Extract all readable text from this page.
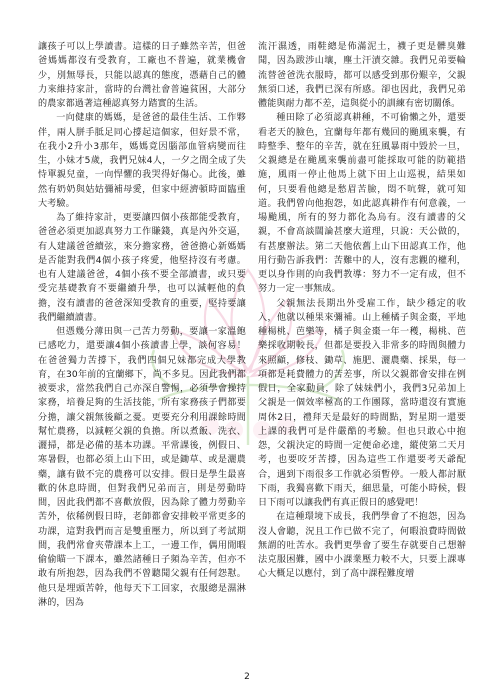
讓孩子可以上學讀書。這樣的日子雖然辛苦，但爸爸媽媽都沒有受教育，工廠也不普遍，就業機會少，別無辱長，只能以認真的態度，憑藉自己的體力來維持家計，當時的台灣社會普遍貧困，大部分的農家都過著這種認真努力踏實的生活。

一向健康的媽媽，是爸爸的最佳生活、工作夥伴，兩人胼手胝足同心撐起這個家，但好景不常，在我小2升小3那年，媽媽竟因腦部血管病變而往生，小妹才5歲，我們兄妹4人，一夕之間全成了失恃單親兒童，一向悍懼的我哭得好傷心。此後，雖然有奶奶與姑姑彌補母愛，但家中經濟頓時面臨重大考驗。

為了維持家計，更要讓四個小孩都能受教育，爸爸必須更加認真努力工作賺錢，真是內外交逼，有人建議爸爸續弦，來分擔家務，爸爸擔心新媽媽是否能對我們4個小孩子疼愛，他堅持沒有考慮。也有人建議爸爸，4個小孩不要全部讀書，或只要受完基礎教育不要繼續升學，也可以減輕他的負擔，沒有讀書的爸爸深知受教育的重要，堅持要讓我們繼續讀書。

但憑幾分薄田與一己苦力勞動，要讓一家溫飽已感吃力，還要讓4個小孩讀書上學，談何容易！在爸爸獨力苦撐下，我們四個兄妹都完成大學教育，在30年前的宜蘭鄉下，尚不多見。因此我們都被要求，當然我們自己亦深自警惕，必須學會操持家務，培養足夠的生活技能，所有家務孩子們都要分擔，讓父親無後顧之憂。更要充分利用課餘時間幫忙農務，以減輕父親的負擔。所以煮飯、洗衣、灑掃，都是必備的基本功課。平常課後，例假日、寒暑假，也都必須上山下田，或是鋤草、或是灑農藥，讓有做不完的農務可以安排。假日是學生最喜歡的休息時間，但對我們兄弟而言，則是勞動時間，因此我們都不喜歡放假，因為除了體力勞動辛苦外，依稀例假日時，老師都會安排較平常更多的功課，這對我們而言是雙重壓力，所以到了考試期間，我們常會夾帶課本上工，一邊工作，偶用閒暇偷偷瞄一下課本，雖然諸種日子頻為辛苦，但亦不敢有所抱怨，因為我們不曾聽聞父親有任何怨懟。他只是埋頭苦幹，他每天下工回家，衣服總是濕淋淋的，因為

流汗濕透，雨鞋總是佈滿泥土，襪子更是髒臭難聞，因為跋涉山壤，塵土汗漬交雜。我們兄弟要輪流替爸爸洗衣服時，都可以感受到那份艱辛，父親無須口述，我們已深有所感。卻也因此，我們兄弟體能與耐力都不差，這與從小的訓練有密切關係。

種田除了必須認真耕種，不可偷懶之外，還要看老天的臉色，宜蘭每年都有幾回的颱風來襲，有時整季、整年的辛苦，就在狂風暴雨中毀於一旦，父親總是在颱風來襲前盡可能採取可能的防範措施，風雨一停止他馬上就下田上山巡視，結果如何，只要看他總是愁眉苦臉，悶不吭聲，就可知道。我們曾向他抱怨，如此認真耕作有何意義，一場颱風，所有的努力都化為烏有。沒有讀書的父親，不會高談闊論甚麼大道理，只說：天公做的，有甚麼辦法。第二天他依舊上山下田認真工作，他用行動告訴我們：苦難中的人，沒有悲觀的權利，更以身作則的向我們教導：努力不一定有成，但不努力一定一事無成。

父親無法長期出外受雇工作，缺少穩定的收入，他就以種果來彌補。山上種橘子與金棗，平地種楊桃、芭樂等，橘子與金棗一年一穫，楊桃、芭樂採收期較長，但都是要投入非常多的時間與體力來照顧，修枝、鋤草、施肥、灑農藥、採果，每一項都是耗費體力的苦差事，所以父親都會安排在例假日，全家動員，除了妹妹們小，我們3兄弟加上父親是一個效率極高的工作團隊，當時還沒有實施周休2日，禮拜天是最好的時間點，對星期一還要上課的我們可是件嚴酷的考驗。但也只敢心中抱怨，父親決定的時間一定便命必達，縱使第二天月考，也要咬牙苦撐，因為這些工作還要考天爺配合，遇到下雨很多工作就必須暫停。一般人都討厭下雨，我獨喜歡下雨天，細思量，可能小時候，假日下雨可以讓我們有真正假日的感覺吧！

在這種環境下成長，我們學會了不抱怨，因為沒人會聽，況且工作已做不完了，何暇浪費時間做無謂的吐苦水。我們更學會了要生存就要自己想辦法克服困難，國中小課業壓力較不大，只要上課專心大概足以應付，到了高中課程難度增

2
